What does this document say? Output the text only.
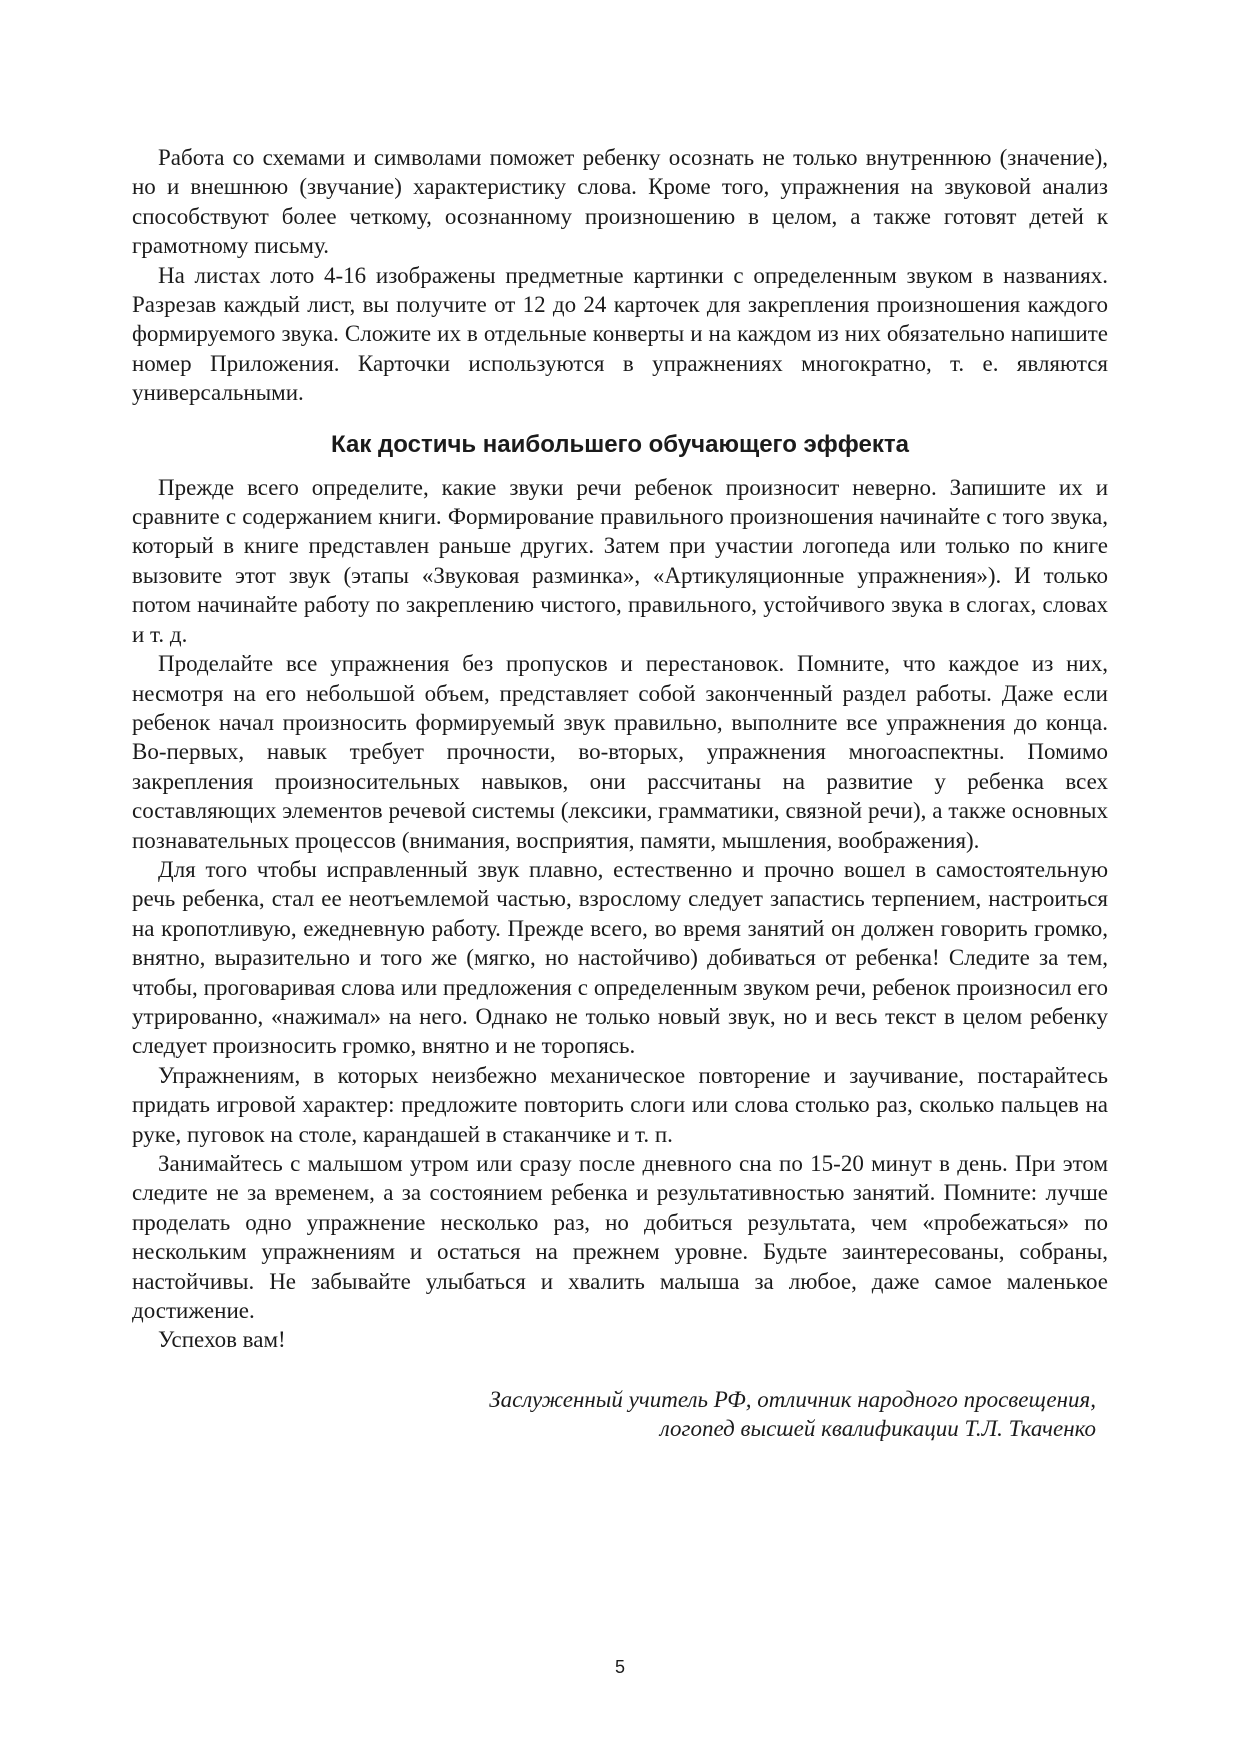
Работа со схемами и символами поможет ребенку осознать не только внутреннюю (значение), но и внешнюю (звучание) характеристику слова. Кроме того, упражнения на звуковой анализ способствуют более четкому, осознанному произношению в целом, а также готовят детей к грамотному письму.

На листах лото 4-16 изображены предметные картинки с определенным звуком в названиях. Разрезав каждый лист, вы получите от 12 до 24 карточек для закрепления произношения каждого формируемого звука. Сложите их в отдельные конверты и на каждом из них обязательно напишите номер Приложения. Карточки используются в упражнениях многократно, т. е. являются универсальными.

Как достичь наибольшего обучающего эффекта

Прежде всего определите, какие звуки речи ребенок произносит неверно. Запишите их и сравните с содержанием книги. Формирование правильного произношения начинайте с того звука, который в книге представлен раньше других. Затем при участии логопеда или только по книге вызовите этот звук (этапы «Звуковая разминка», «Артикуляционные упражнения»). И только потом начинайте работу по закреплению чистого, правильного, устойчивого звука в слогах, словах и т. д.

Проделайте все упражнения без пропусков и перестановок. Помните, что каждое из них, несмотря на его небольшой объем, представляет собой законченный раздел работы. Даже если ребенок начал произносить формируемый звук правильно, выполните все упражнения до конца. Во-первых, навык требует прочности, во-вторых, упражнения многоаспектны. Помимо закрепления произносительных навыков, они рассчитаны на развитие у ребенка всех составляющих элементов речевой системы (лексики, грамматики, связной речи), а также основных познавательных процессов (внимания, восприятия, памяти, мышления, воображения).

Для того чтобы исправленный звук плавно, естественно и прочно вошел в самостоятельную речь ребенка, стал ее неотъемлемой частью, взрослому следует запастись терпением, настроиться на кропотливую, ежедневную работу. Прежде всего, во время занятий он должен говорить громко, внятно, выразительно и того же (мягко, но настойчиво) добиваться от ребенка! Следите за тем, чтобы, проговаривая слова или предложения с определенным звуком речи, ребенок произносил его утрированно, «нажимал» на него. Однако не только новый звук, но и весь текст в целом ребенку следует произносить громко, внятно и не торопясь.

Упражнениям, в которых неизбежно механическое повторение и заучивание, постарайтесь придать игровой характер: предложите повторить слоги или слова столько раз, сколько пальцев на руке, пуговок на столе, карандашей в стаканчике и т. п.

Занимайтесь с малышом утром или сразу после дневного сна по 15-20 минут в день. При этом следите не за временем, а за состоянием ребенка и результативностью занятий. Помните: лучше проделать одно упражнение несколько раз, но добиться результата, чем «пробежаться» по нескольким упражнениям и остаться на прежнем уровне. Будьте заинтересованы, собраны, настойчивы. Не забывайте улыбаться и хвалить малыша за любое, даже самое маленькое достижение.

Успехов вам!

Заслуженный учитель РФ, отличник народного просвещения,
логопед высшей квалификации Т.Л. Ткаченко
5
